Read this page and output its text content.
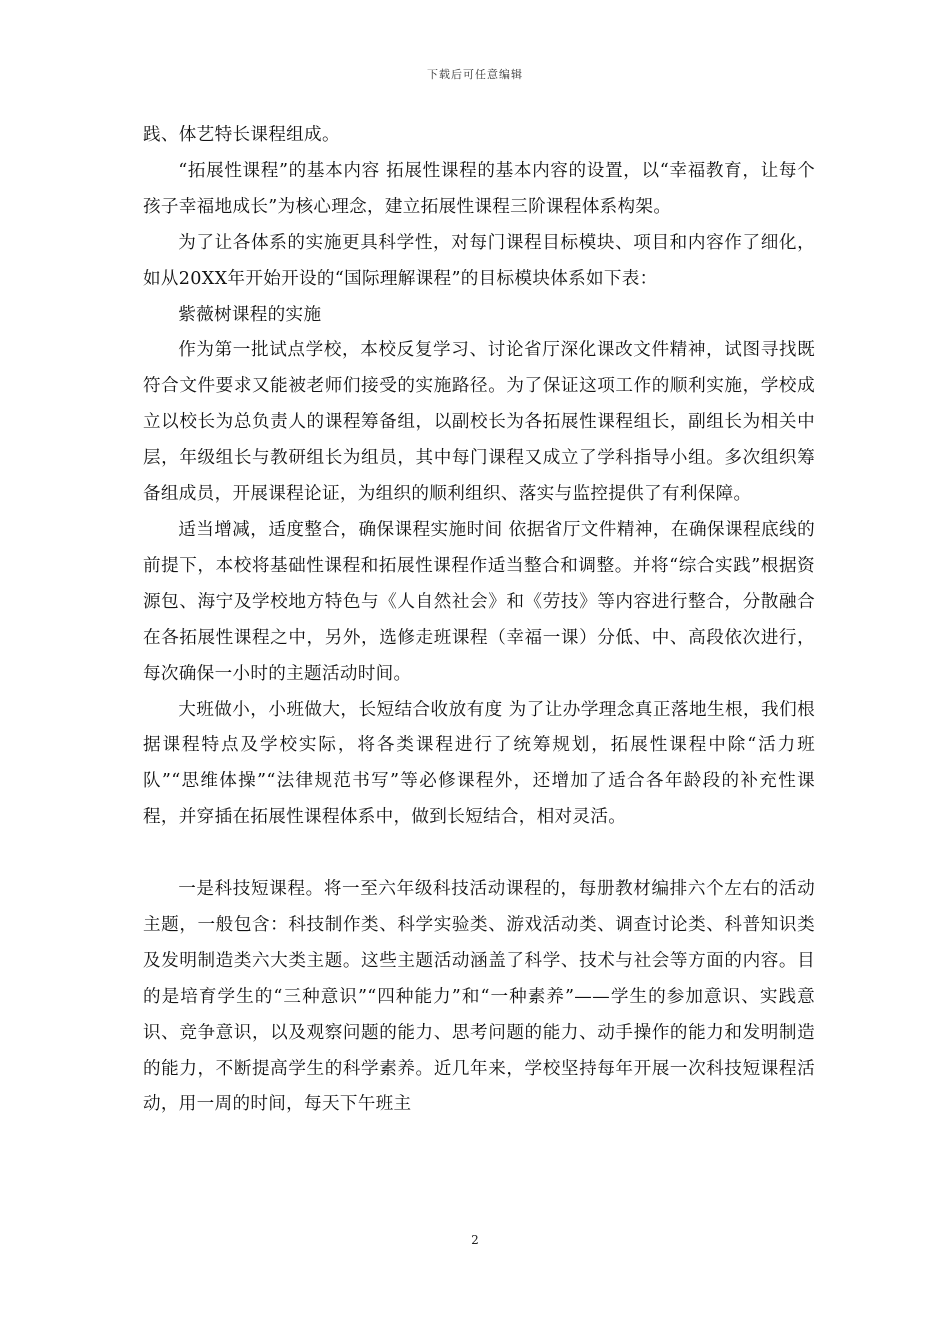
下载后可任意编辑

践、体艺特长课程组成。

“拓展性课程”的基本内容 拓展性课程的基本内容的设置，以“幸福教育，让每个孩子幸福地成长”为核心理念，建立拓展性课程三阶课程体系构架。

为了让各体系的实施更具科学性，对每门课程目标模块、项目和内容作了细化，如从20XX年开始开设的“国际理解课程”的目标模块体系如下表：

紫薇树课程的实施

作为第一批试点学校，本校反复学习、讨论省厅深化课改文件精神，试图寻找既符合文件要求又能被老师们接受的实施路径。为了保证这项工作的顺利实施，学校成立以校长为总负责人的课程筹备组，以副校长为各拓展性课程组长，副组长为相关中层，年级组长与教研组长为组员，其中每门课程又成立了学科指导小组。多次组织筹备组成员，开展课程论证，为组织的顺利组织、落实与监控提供了有利保障。

适当增减，适度整合，确保课程实施时间 依据省厅文件精神，在确保课程底线的前提下，本校将基础性课程和拓展性课程作适当整合和调整。并将“综合实践”根据资源包、海宁及学校地方特色与《人自然社会》和《劳技》等内容进行整合，分散融合在各拓展性课程之中，另外，选修走班课程（幸福一课）分低、中、高段依次进行，每次确保一小时的主题活动时间。

大班做小，小班做大，长短结合收放有度 为了让办学理念真正落地生根，我们根据课程特点及学校实际，将各类课程进行了统筹规划，拓展性课程中除“活力班队”“思维体操”“法律规范书写”等必修课程外，还增加了适合各年龄段的补充性课程，并穿插在拓展性课程体系中，做到长短结合，相对灵活。

一是科技短课程。将一至六年级科技活动课程的，每册教材编排六个左右的活动主题，一般包含：科技制作类、科学实验类、游戏活动类、调查讨论类、科普知识类及发明制造类六大类主题。这些主题活动涵盖了科学、技术与社会等方面的内容。目的是培育学生的“三种意识”“四种能力”和“一种素养”——学生的参加意识、实践意识、竞争意识，以及观察问题的能力、思考问题的能力、动手操作的能力和发明制造的能力，不断提高学生的科学素养。近几年来，学校坚持每年开展一次科技短课程活动，用一周的时间，每天下午班主

2
